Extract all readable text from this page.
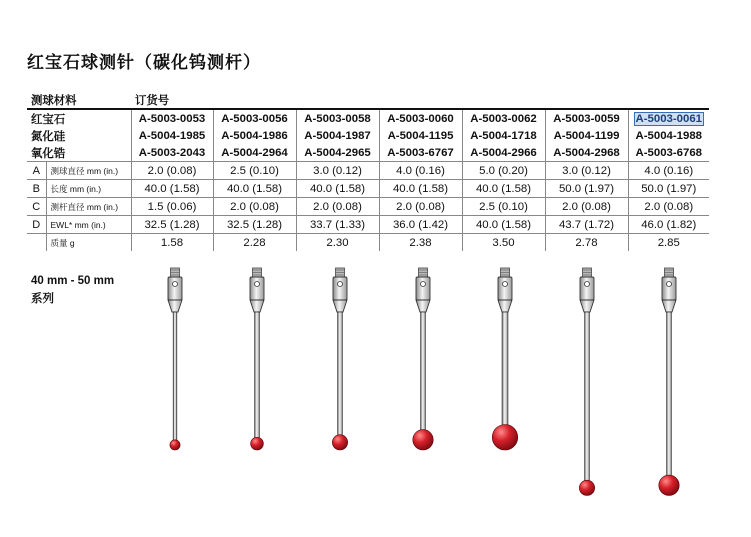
红宝石球测针（碳化钨测杆）
测球材料		订货号						
红宝石		A-5003-0053	A-5003-0056	A-5003-0058	A-5003-0060	A-5003-0062	A-5003-0059	A-5003-0061
氮化硅		A-5004-1985	A-5004-1986	A-5004-1987	A-5004-1195	A-5004-1718	A-5004-1199	A-5004-1988
氧化锆		A-5003-2043	A-5004-2964	A-5004-2965	A-5003-6767	A-5004-2966	A-5004-2968	A-5003-6768
A	测球直径 mm (in.)	2.0 (0.08)	2.5 (0.10)	3.0 (0.12)	4.0 (0.16)	5.0 (0.20)	3.0 (0.12)	4.0 (0.16)
B	长度 mm (in.)	40.0 (1.58)	40.0 (1.58)	40.0 (1.58)	40.0 (1.58)	40.0 (1.58)	50.0 (1.97)	50.0 (1.97)
C	测杆直径 mm (in.)	1.5 (0.06)	2.0 (0.08)	2.0 (0.08)	2.0 (0.08)	2.5 (0.10)	2.0 (0.08)	2.0 (0.08)
D	EWL* mm (in.)	32.5 (1.28)	32.5 (1.28)	33.7 (1.33)	36.0 (1.42)	40.0 (1.58)	43.7 (1.72)	46.0 (1.82)
	质量 g	1.58	2.28	2.30	2.38	3.50	2.78	2.85
40 mm - 50 mm
系列
